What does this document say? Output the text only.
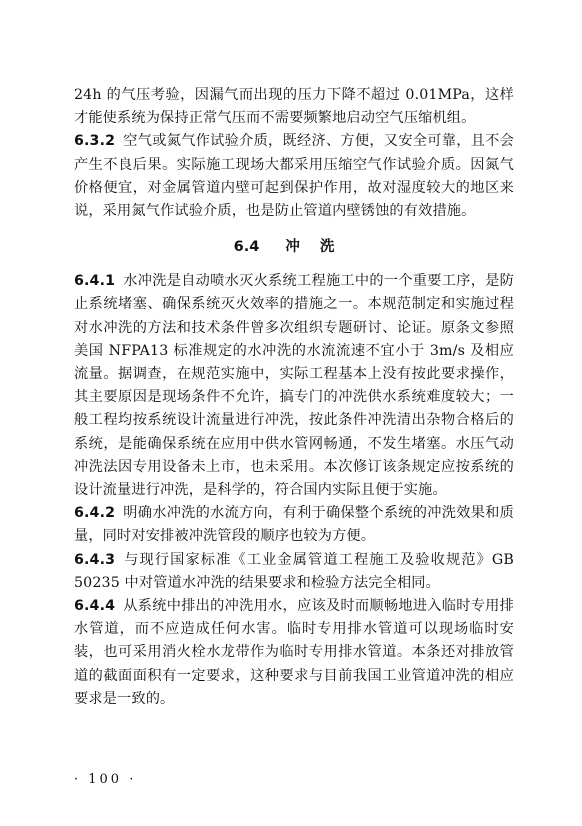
24h 的气压考验，因漏气而出现的压力下降不超过 0.01MPa，这样才能使系统为保持正常气压而不需要频繁地启动空气压缩机组。

6.3.2 空气或氮气作试验介质，既经济、方便，又安全可靠，且不会产生不良后果。实际施工现场大都采用压缩空气作试验介质。因氮气价格便宜，对金属管道内壁可起到保护作用，故对湿度较大的地区来说，采用氮气作试验介质，也是防止管道内壁锈蚀的有效措施。

6.4 冲洗

6.4.1 水冲洗是自动喷水灭火系统工程施工中的一个重要工序，是防止系统堵塞、确保系统灭火效率的措施之一。本规范制定和实施过程对水冲洗的方法和技术条件曾多次组织专题研讨、论证。原条文参照美国 NFPA13 标准规定的水冲洗的水流流速不宜小于 3m/s 及相应流量。据调查，在规范实施中，实际工程基本上没有按此要求操作，其主要原因是现场条件不允许，搞专门的冲洗供水系统难度较大；一般工程均按系统设计流量进行冲洗，按此条件冲洗清出杂物合格后的系统，是能确保系统在应用中供水管网畅通，不发生堵塞。水压气动冲洗法因专用设备未上市，也未采用。本次修订该条规定应按系统的设计流量进行冲洗，是科学的，符合国内实际且便于实施。

6.4.2 明确水冲洗的水流方向，有利于确保整个系统的冲洗效果和质量，同时对安排被冲洗管段的顺序也较为方便。

6.4.3 与现行国家标准《工业金属管道工程施工及验收规范》GB 50235 中对管道水冲洗的结果要求和检验方法完全相同。

6.4.4 从系统中排出的冲洗用水，应该及时而顺畅地进入临时专用排水管道，而不应造成任何水害。临时专用排水管道可以现场临时安装，也可采用消火栓水龙带作为临时专用排水管道。本条还对排放管道的截面面积有一定要求，这种要求与目前我国工业管道冲洗的相应要求是一致的。

· 100 ·
